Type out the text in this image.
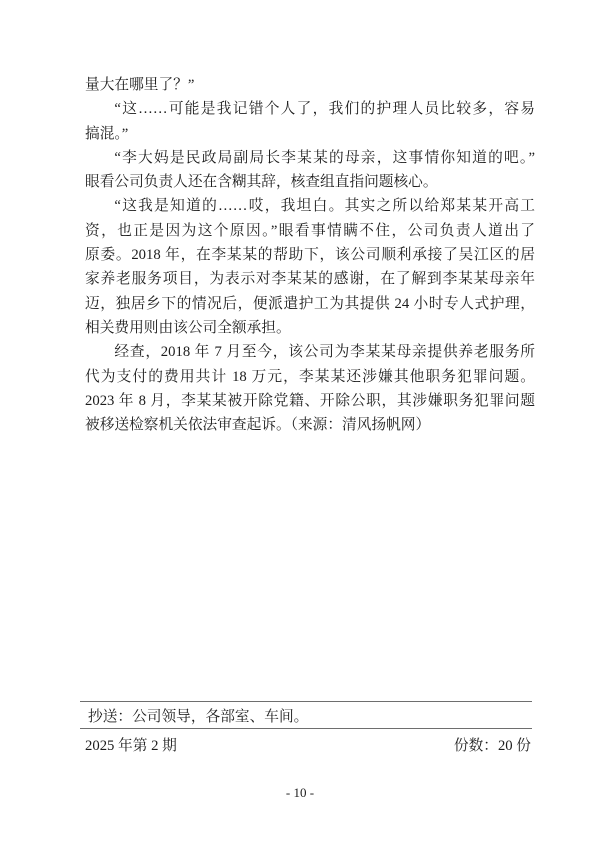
量大在哪里了？”
“这……可能是我记错个人了，我们的护理人员比较多，容易
搞混。”
“李大妈是民政局副局长李某某的母亲，这事情你知道的吧。”
眼看公司负责人还在含糊其辞，核查组直指问题核心。
“这我是知道的……哎，我坦白。其实之所以给郑某某开高工
资，也正是因为这个原因。”眼看事情瞒不住，公司负责人道出了
原委。2018 年，在李某某的帮助下，该公司顺利承接了吴江区的居
家养老服务项目，为表示对李某某的感谢，在了解到李某某母亲年
迈，独居乡下的情况后，便派遣护工为其提供 24 小时专人式护理，
相关费用则由该公司全额承担。
经查，2018 年 7 月至今，该公司为李某某母亲提供养老服务所
代为支付的费用共计 18 万元，李某某还涉嫌其他职务犯罪问题。
2023 年 8 月，李某某被开除党籍、开除公职，其涉嫌职务犯罪问题
被移送检察机关依法审查起诉。（来源：清风扬帆网）
抄送：公司领导，各部室、车间。
2025 年第 2 期	份数：20 份
- 10 -
